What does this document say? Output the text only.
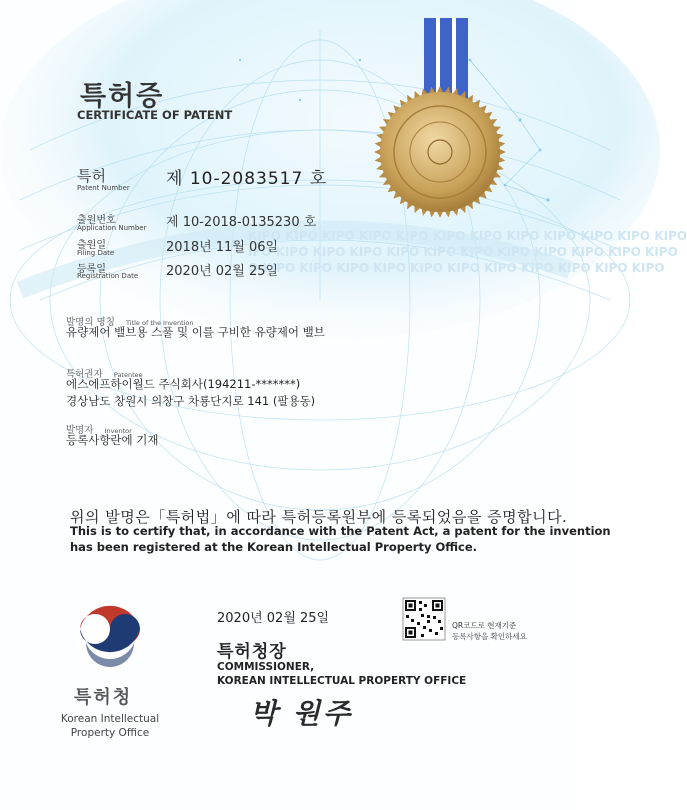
KIPO KIPO KIPO KIPO KIPO KIPO KIPO KIPO KIPO KIPO KIPO KIPO
IPO KIPO KIPO KIPO KIPO KIPO KIPO KIPO KIPO KIPO KIPO KIPO
O KIPO KIPO KIPO KIPO KIPO KIPO KIPO KIPO KIPO KIPO KIPO
특허증
CERTIFICATE OF PATENT
특허
Patent Number 제 10-2083517 호
출원번호
Application Number 제 10-2018-0135230 호
출원일
Filing Date	2018년 11월 06일
등록일
Registration Date 2020년 02월 25일
발명의 명칭 Title of the Invention
유량제어 밸브용 스풀 및 이를 구비한 유량제어 밸브
특허권자 Patentee
에스에프하이월드 주식회사(194211-*******)
경상남도 창원시 의창구 차룡단지로 141 (팔용동)
발명자 Inventor
등록사항란에 기재
위의 발명은「특허법」에 따라 특허등록원부에 등록되었음을 증명합니다.
This is to certify that, in accordance with the Patent Act, a patent for the invention
has been registered at the Korean Intellectual Property Office.
2020년 02월 25일	QR코드로 현재기준
등록사항을 확인하세요
특허청장
COMMISSIONER,
KOREAN INTELLECTUAL PROPERTY OFFICE
박 원주
특허청
Korean Intellectual
Property Office
